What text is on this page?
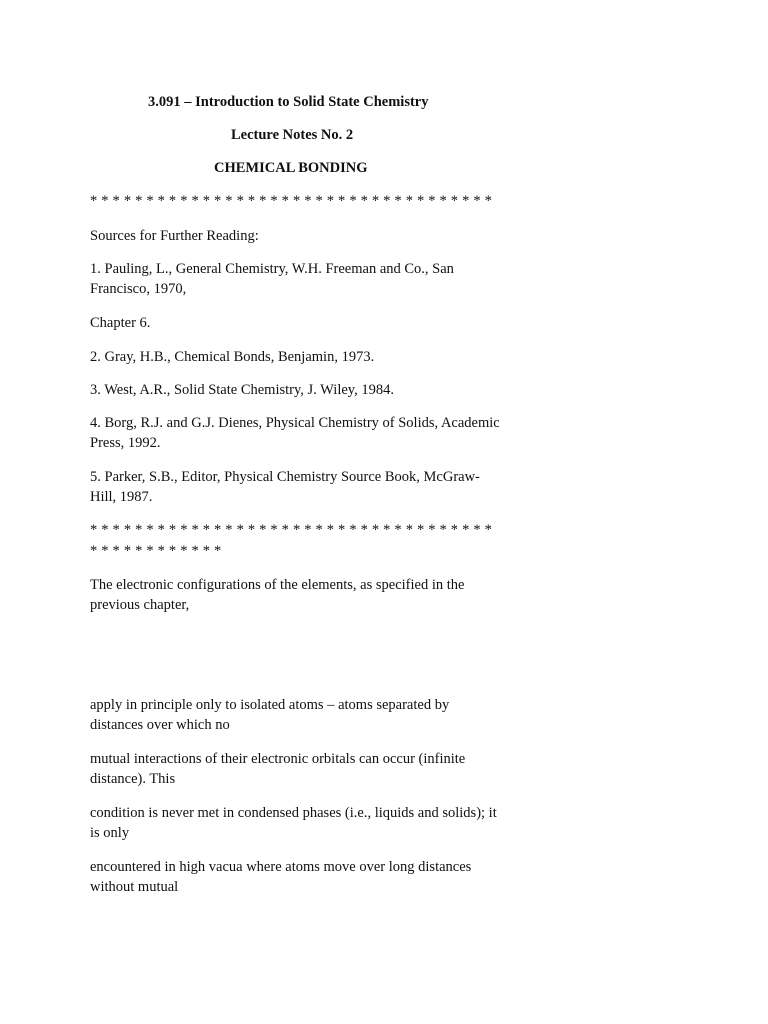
3.091 – Introduction to Solid State Chemistry
Lecture Notes No. 2
CHEMICAL BONDING
* * * * * * * * * * * * * * * * * * * * * * * * * * * * * * * * * * * *
Sources for Further Reading:
1. Pauling, L., General Chemistry, W.H. Freeman and Co., San Francisco, 1970,
Chapter 6.
2. Gray, H.B., Chemical Bonds, Benjamin, 1973.
3. West, A.R., Solid State Chemistry, J. Wiley, 1984.
4. Borg, R.J. and G.J. Dienes, Physical Chemistry of Solids, Academic Press, 1992.
5. Parker, S.B., Editor, Physical Chemistry Source Book, McGraw-Hill, 1987.
* * * * * * * * * * * * * * * * * * * * * * * * * * * * * * * * * * * *
* * * * * * * * * * * *
The electronic configurations of the elements, as specified in the previous chapter,
apply in principle only to isolated atoms – atoms separated by distances over which no
mutual interactions of their electronic orbitals can occur (infinite distance). This
condition is never met in condensed phases (i.e., liquids and solids); it is only
encountered in high vacua where atoms move over long distances without mutual
